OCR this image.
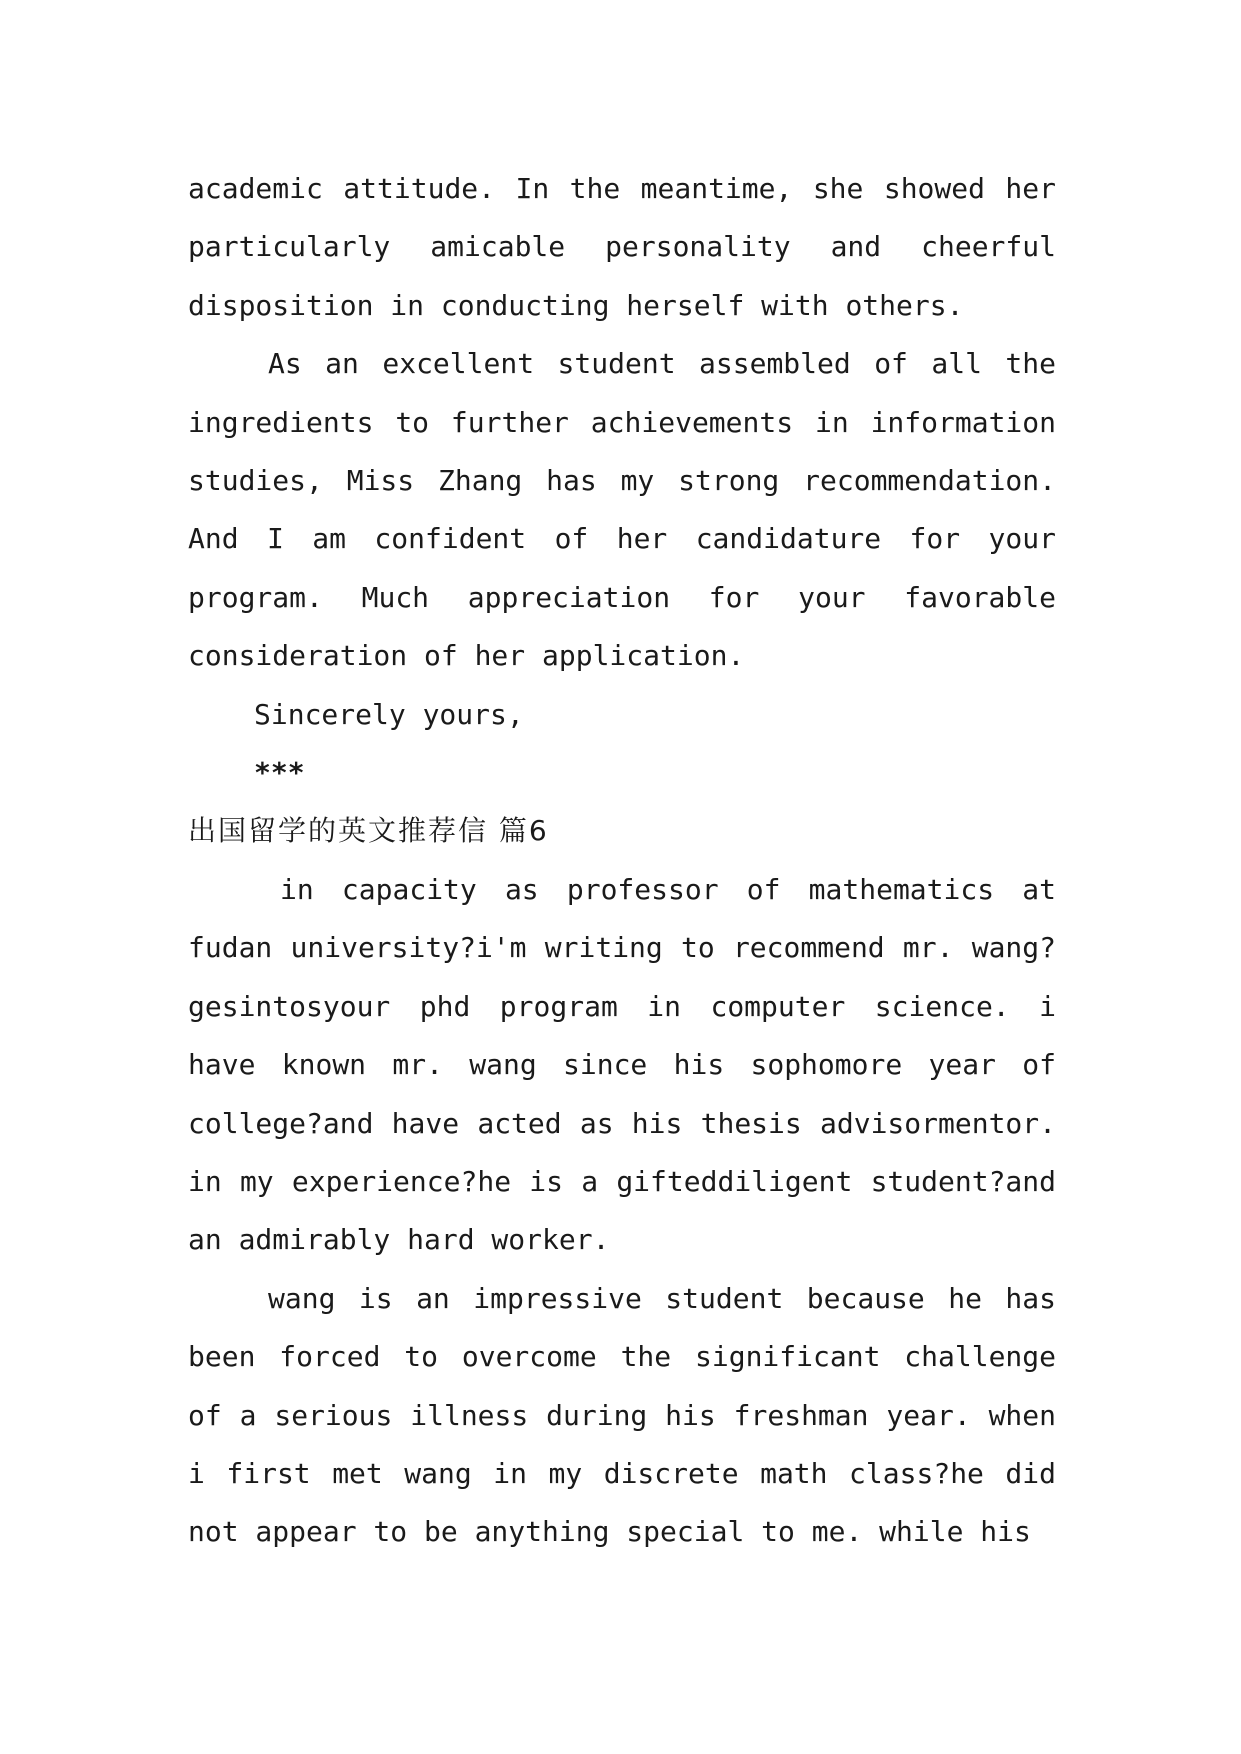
academic attitude. In the meantime, she showed her particularly amicable personality and cheerful disposition in conducting herself with others.

As an excellent student assembled of all the ingredients to further achievements in information studies, Miss Zhang has my strong recommendation. And I am confident of her candidature for your program. Much appreciation for your favorable consideration of her application.

Sincerely yours,

***

出国留学的英文推荐信 篇6

in capacity as professor of mathematics at fudan university?i'm writing to recommend mr. wang?gesintosyour phd program in computer science. i have known mr. wang since his sophomore year of college?and have acted as his thesis advisormentor. in my experience?he is a gifteddiligent student?and an admirably hard worker.

wang is an impressive student because he has been forced to overcome the significant challenge of a serious illness during his freshman year. when i first met wang in my discrete math class?he did not appear to be anything special to me. while his
